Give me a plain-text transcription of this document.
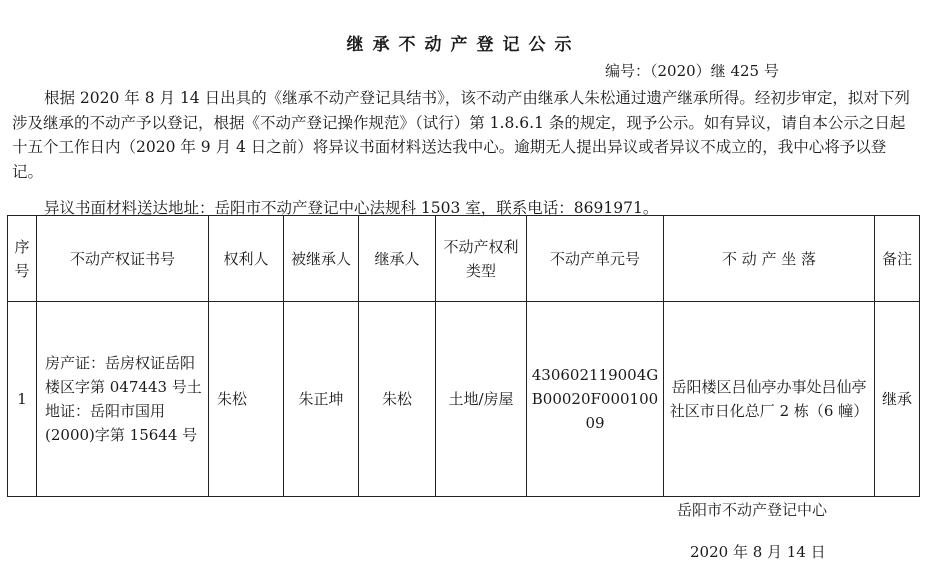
继承不动产登记公示
编号：（2020）继 425 号

根据 2020 年 8 月 14 日出具的《继承不动产登记具结书》，该不动产由继承人朱松通过遗产继承所得。经初步审定，拟对下列涉及继承的不动产予以登记，根据《不动产登记操作规范》（试行）第 1.8.6.1 条的规定，现予公示。如有异议，请自本公示之日起十五个工作日内（2020 年 9 月 4 日之前）将异议书面材料送达我中心。逾期无人提出异议或者异议不成立的，我中心将予以登记。

异议书面材料送达地址：岳阳市不动产登记中心法规科 1503 室，联系电话：8691971。
序号	不动产权证书号	权利人	被继承人	继承人	不动产权利类型	不动产单元号	不 动 产 坐 落	备注
1	房产证：岳房权证岳阳楼区字第 047443 号土地证：岳阳市国用(2000)字第 15644 号	朱松	朱正坤	朱松	土地/房屋	430602119004GB00020F00010009	岳阳楼区吕仙亭办事处吕仙亭社区市日化总厂 2 栋（6 幢）	继承
岳阳市不动产登记中心
2020 年 8 月 14 日
